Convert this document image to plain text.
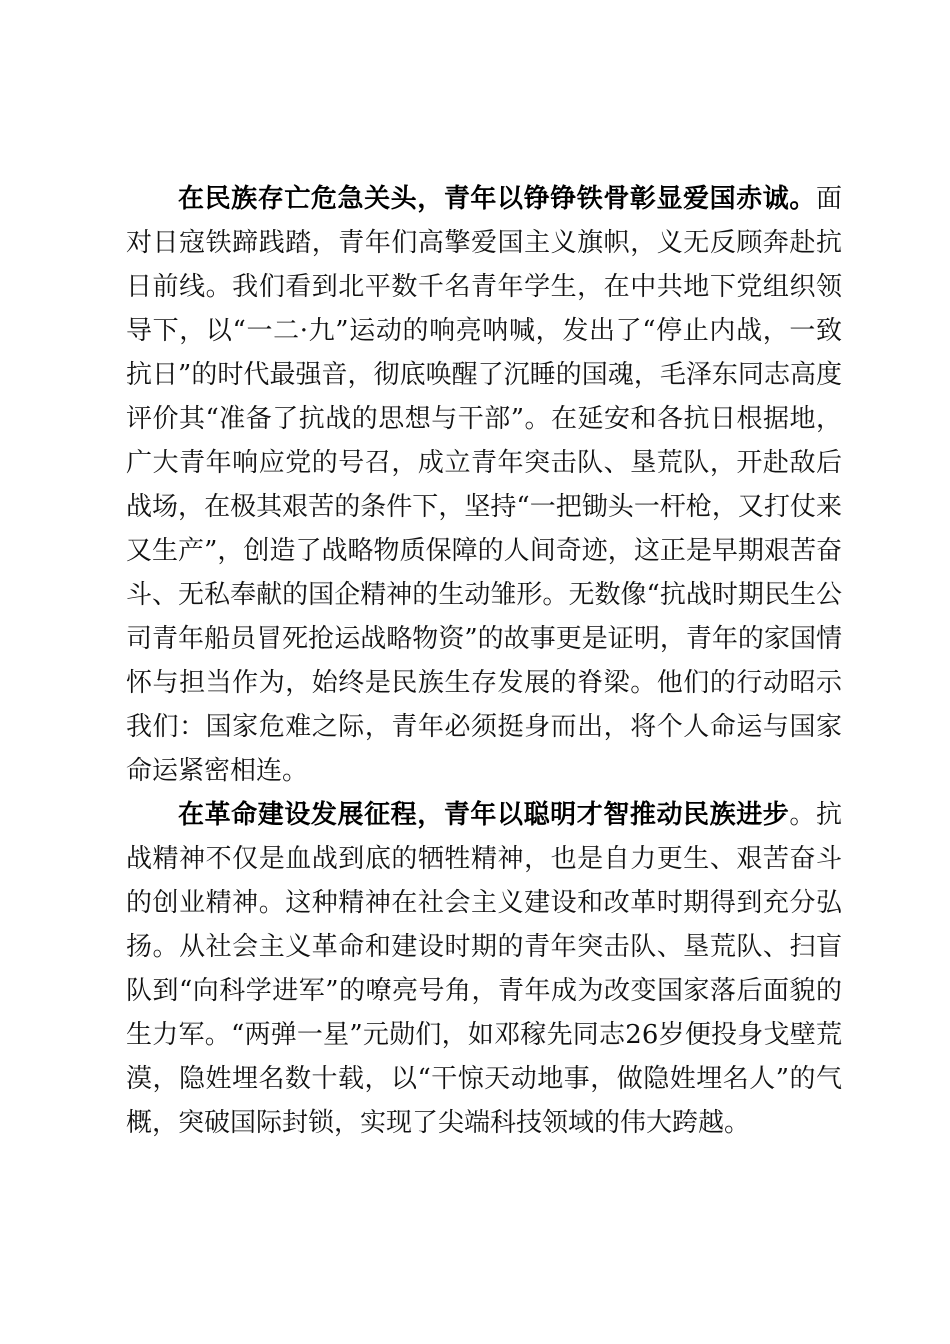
在民族存亡危急关头，青年以铮铮铁骨彰显爱国赤诚。面对日寇铁蹄践踏，青年们高擎爱国主义旗帜，义无反顾奔赴抗日前线。我们看到北平数千名青年学生，在中共地下党组织领导下，以“一二·九”运动的响亮呐喊，发出了“停止内战，一致抗日”的时代最强音，彻底唤醒了沉睡的国魂，毛泽东同志高度评价其“准备了抗战的思想与干部”。在延安和各抗日根据地，广大青年响应党的号召，成立青年突击队、垦荒队，开赴敌后战场，在极其艰苦的条件下，坚持“一把锄头一杆枪，又打仗来又生产”，创造了战略物质保障的人间奇迹，这正是早期艰苦奋斗、无私奉献的国企精神的生动雏形。无数像“抗战时期民生公司青年船员冒死抢运战略物资”的故事更是证明，青年的家国情怀与担当作为，始终是民族生存发展的脊梁。他们的行动昭示我们：国家危难之际，青年必须挺身而出，将个人命运与国家命运紧密相连。

在革命建设发展征程，青年以聪明才智推动民族进步。抗战精神不仅是血战到底的牺牲精神，也是自力更生、艰苦奋斗的创业精神。这种精神在社会主义建设和改革时期得到充分弘扬。从社会主义革命和建设时期的青年突击队、垦荒队、扫盲队到“向科学进军”的嘹亮号角，青年成为改变国家落后面貌的生力军。“两弹一星”元勋们，如邓稼先同志26岁便投身戈壁荒漠，隐姓埋名数十载，以“干惊天动地事，做隐姓埋名人”的气概，突破国际封锁，实现了尖端科技领域的伟大跨越。
